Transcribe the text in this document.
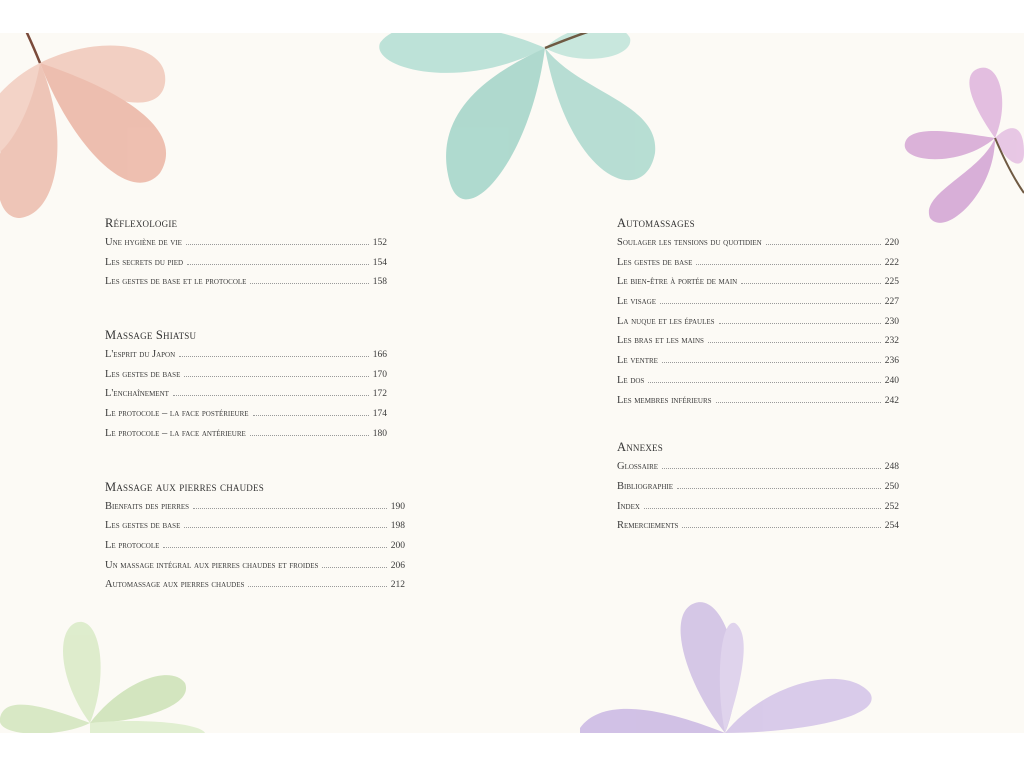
Réflexologie
Une hygiène de vie	152
Les secrets du pied	154
Les gestes de base et le protocole	158
Massage Shiatsu
L'esprit du Japon	166
Les gestes de base	170
L'enchaînement	172
Le protocole – la face postérieure	174
Le protocole – la face antérieure	180
Massage aux pierres chaudes
Bienfaits des pierres	190
Les gestes de base	198
Le protocole	200
Un massage intégral aux pierres chaudes et froides	206
Automassage aux pierres chaudes	212
Automassages
Soulager les tensions du quotidien	220
Les gestes de base	222
Le bien-être à portée de main	225
Le visage	227
La nuque et les épaules	230
Les bras et les mains	232
Le ventre	236
Le dos	240
Les membres inférieurs	242
Annexes
Glossaire	248
Bibliographie	250
Index	252
Remerciements	254
